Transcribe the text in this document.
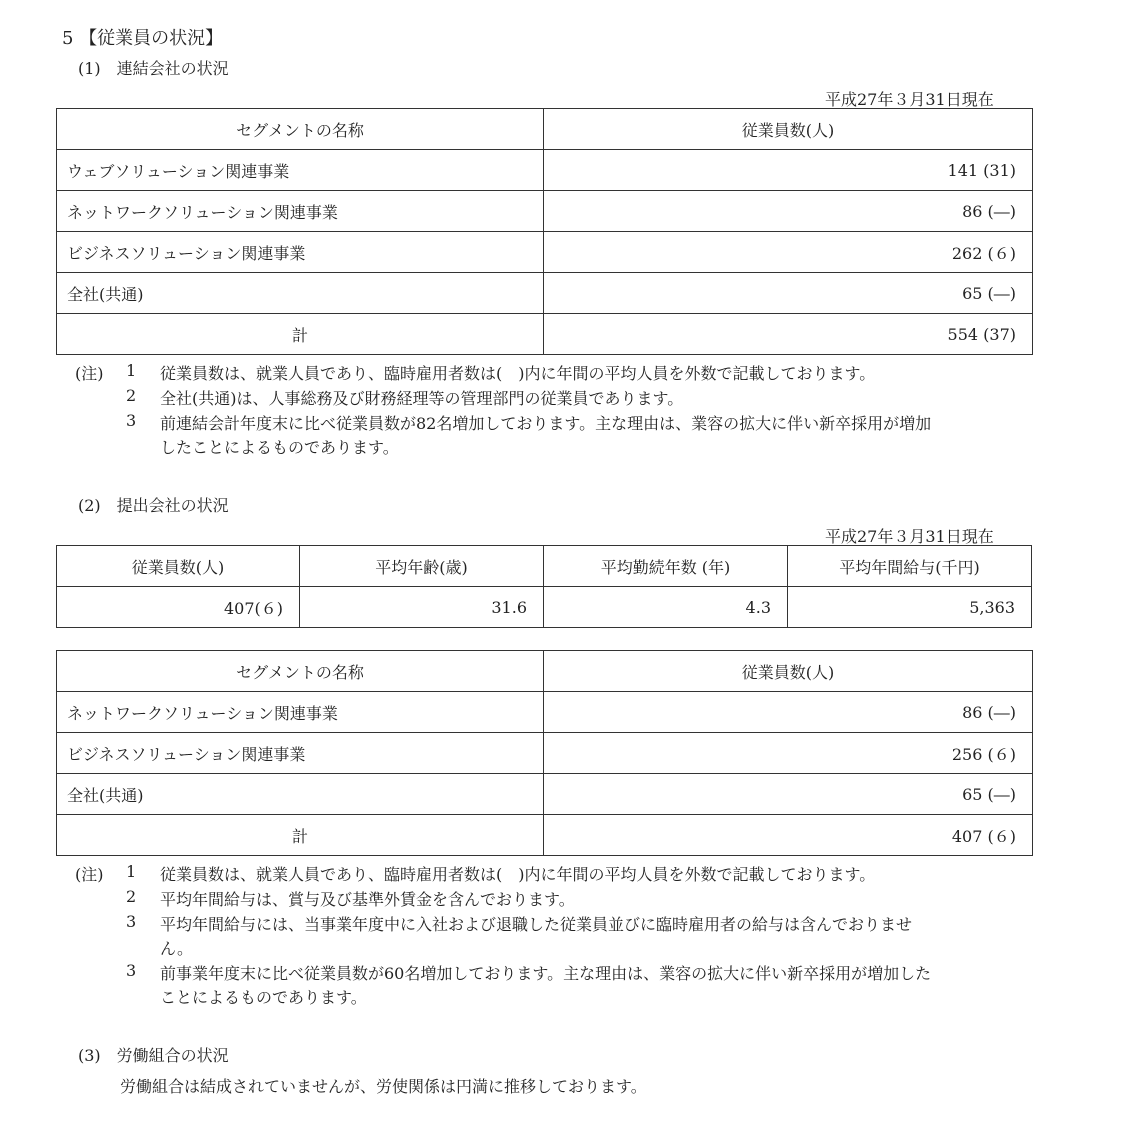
5 【従業員の状況】
(1)　連結会社の状況
平成27年３月31日現在
セグメントの名称	従業員数(人)
ウェブソリューション関連事業	141 (31)
ネットワークソリューション関連事業	86 (―)
ビジネスソリューション関連事業	262 (６)
全社(共通)	65 (―)
計	554 (37)
(注) 1 従業員数は、就業人員であり、臨時雇用者数は(　)内に年間の平均人員を外数で記載しております。
2 全社(共通)は、人事総務及び財務経理等の管理部門の従業員であります。
3 前連結会計年度末に比べ従業員数が82名増加しております。主な理由は、業容の拡大に伴い新卒採用が増加
したことによるものであります。
(2)　提出会社の状況
平成27年３月31日現在
従業員数(人)	平均年齢(歳)	平均勤続年数 (年)	平均年間給与(千円)
407(６)	31.6	4.3	5,363
セグメントの名称	従業員数(人)
ネットワークソリューション関連事業	86 (―)
ビジネスソリューション関連事業	256 (６)
全社(共通)	65 (―)
計	407 (６)
(注) 1 従業員数は、就業人員であり、臨時雇用者数は(　)内に年間の平均人員を外数で記載しております。
2 平均年間給与は、賞与及び基準外賃金を含んでおります。
3 平均年間給与には、当事業年度中に入社および退職した従業員並びに臨時雇用者の給与は含んでおりませ
ん。
3 前事業年度末に比べ従業員数が60名増加しております。主な理由は、業容の拡大に伴い新卒採用が増加した
ことによるものであります。
(3)　労働組合の状況
労働組合は結成されていませんが、労使関係は円満に推移しております。
